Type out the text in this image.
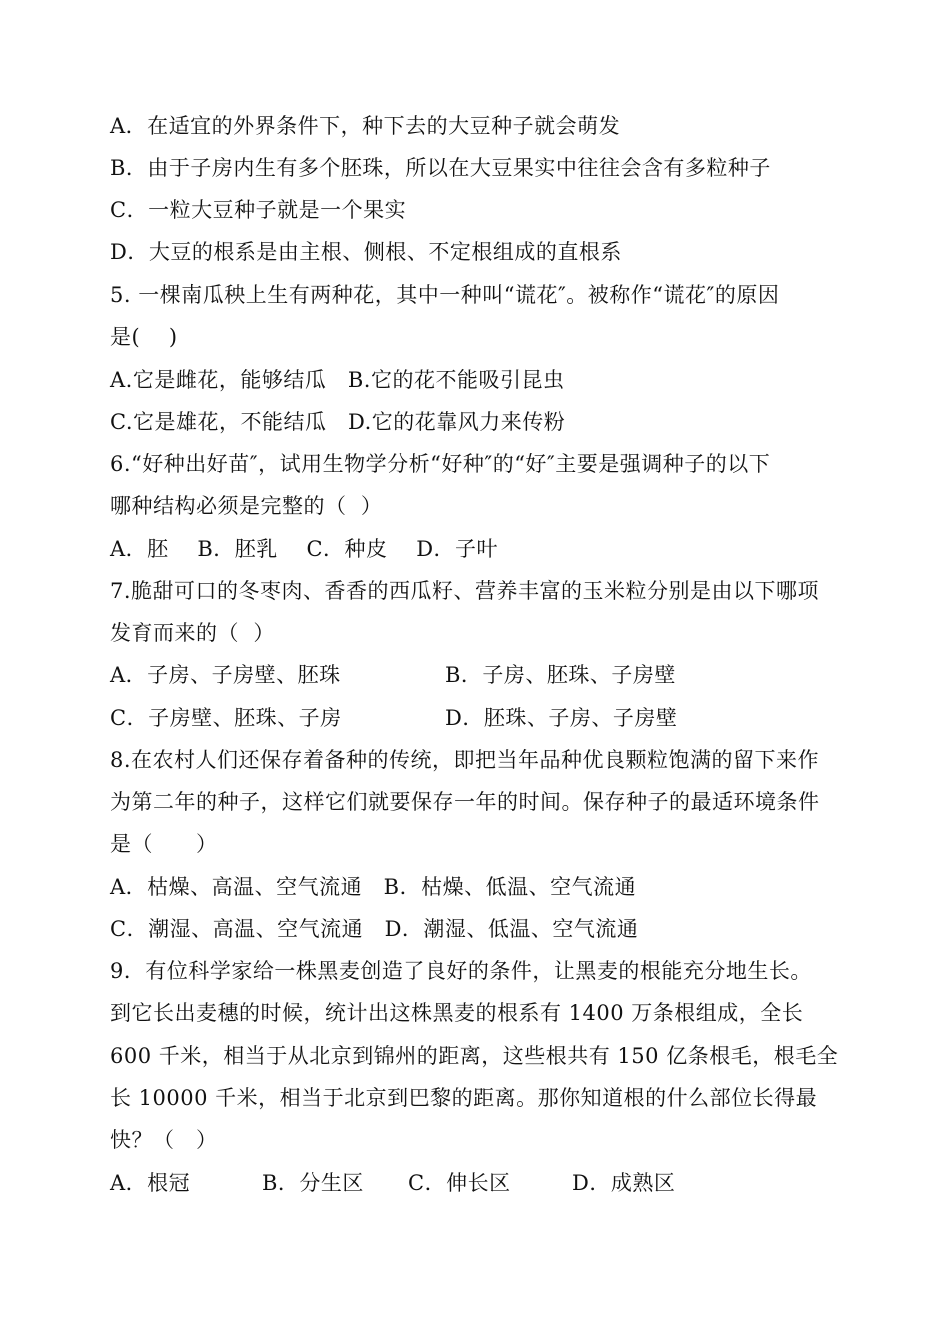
A．在适宜的外界条件下，种下去的大豆种子就会萌发
B．由于子房内生有多个胚珠，所以在大豆果实中往往会含有多粒种子
C．一粒大豆种子就是一个果实
D．大豆的根系是由主根、侧根、不定根组成的直根系
5. 一棵南瓜秧上生有两种花，其中一种叫“谎花″。被称作“谎花″的原因
是(　 )
A.它是雌花，能够结瓜　B.它的花不能吸引昆虫
C.它是雄花，不能结瓜　D.它的花靠风力来传粉
6.“好种出好苗″，试用生物学分析“好种″的“好″主要是强调种子的以下
哪种结构必须是完整的（  ）
A．胚　 B．胚乳　 C．种皮　 D．子叶
7.脆甜可口的冬枣肉、香香的西瓜籽、营养丰富的玉米粒分别是由以下哪项
发育而来的（  ）
A．子房、子房壁、胚珠	B．子房、胚珠、子房壁
C．子房壁、胚珠、子房	D．胚珠、子房、子房壁
8.在农村人们还保存着备种的传统，即把当年品种优良颗粒饱满的留下来作
为第二年的种子，这样它们就要保存一年的时间。保存种子的最适环境条件
是（　　）
A．枯燥、高温、空气流通　B．枯燥、低温、空气流通
C．潮湿、高温、空气流通　D．潮湿、低温、空气流通
9．有位科学家给一株黑麦创造了良好的条件，让黑麦的根能充分地生长。
到它长出麦穗的时候，统计出这株黑麦的根系有 1400 万条根组成，全长
600 千米，相当于从北京到锦州的距离，这些根共有 150 亿条根毛，根毛全
长 10000 千米，相当于北京到巴黎的距离。那你知道根的什么部位长得最
快？（　）
A．根冠	B．分生区 C．伸长区	D．成熟区
